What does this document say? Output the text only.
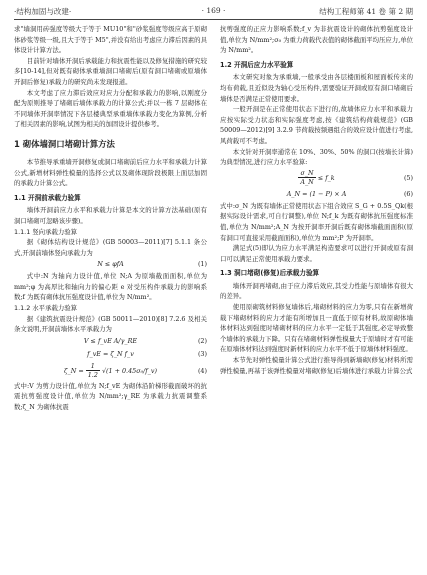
·结构加固与改建·	· 169 ·	结构工程师第 41 卷 第 2 期

求"墙洞用砖强度等级大于等于 MU10"和"砂浆强度等级应高于原砌体砂浆等级一级,且大于等于 M5",并没有给出考虑应力滞后因素的具体设计计算方法。

目前针对墙体开洞后承载能力和抗震性能以及修复措施的研究较多[10-14],但对既有砌体承重墙洞口堵砌后(原有洞口堵砌或原墙体开洞后修复)承载力的研究尚未发现报道。

本文考虑了应力滞后效应对应力分配和承载力的影响,以刚度分配为原则推导了堵砌后墙体承载力的计算公式;并以一栋 7 层砌体在不同墙体开洞率情况下各层楼典型承重墙体承载力变化为算例,分析了相关因素的影响,试图为相关的加固设计提供参考。

1 砌体墙洞口堵砌计算方法

本节推导承重墙开洞修复或洞口堵砌前后应力水平和承载力计算公式,新增材料弹性模量的选择公式以及砌体现阶段极限上面层加固的承载力计算公式。

1.1 开洞前承载力验算

墙体开洞前应力水平和承载力计算是本文的计算方法基础(原有洞口堵砌可忽略该步骤)。

1.1.1 竖向承载力验算

据《砌体结构设计规范》(GB 50003—2011)[7] 5.1.1 条公式,开洞前墙体竖向承载力为

N ≤ φfA	(1)

式中:N 为轴向力设计值,单位 N;A 为原墙截面面积,单位为 mm²;φ 为高厚比和轴向力的偏心距 e 对受压构件承载力的影响系数;f 为既有砌体抗压强度设计值,单位为 N/mm²。

1.1.2 水平承载力验算

据《建筑抗震设计规范》(GB 50011—2010)[8] 7.2.6 及相关条文说明,开洞前墙体水平承载力为

V ≤ f_vE A/γ_RE	(2)
f_vE = ζ_N f_v	(3)
ζ_N = $\frac{1}{1.2} √(1$ + 0.45σ₀/f_v)	(4)

式中:V 为剪力设计值,单位为 N;f_vE 为砌体沿阶梯形截面破坏的抗震抗剪强度设计值,单位为 N/mm²;γ_RE 为承载力抗震调整系数;ζ_N 为砌体抗震

抗剪强度的正应力影响系数;f_v 为非抗震设计的砌体抗剪强度设计值,单位为 N/mm²;σ₀ 为重力荷载代表值的砌体截面平均压应力,单位为 N/mm²。

1.2 开洞后应力水平验算

本文研究对象为承重墙,一般承受由各层楼面板和屋面板传来的均布荷载,且近似设为轴心受压构件,需要验证开洞或原有洞口堵砌后墙体是否满足正常使用要求。

一般开洞是在正常使用状态下进行的,故墙体应力水平和承载力应按实际受力状态和实际强度考虑,按《建筑结构荷载规范》(GB 50009—2012)[9] 3.2.9 节荷载按频遇组合的效应设计值进行考虑,风荷载可不考虑。

本文针对开洞率通常在 10%、30%、50% 的洞口(按墙长计算)为典型情况,进行应力水平验算:

$\frac{\sigma\_N}{A\_N}$ ≤ f_k	(5)
A_N = (1 − P) × A	(6)

式中:σ_N 为既有墙体正常使用状态下组合效应 S_G + 0.5S_Qk(根据实际设计需求,可自行调整),单位 N;f_k 为既有砌体抗压强度标准值,单位为 N/mm²;A_N 为按开洞率开洞后既有砌体墙截面面积(原有洞口可直接采用截面面积),单位为 mm²;P 为开洞率。

满足式(5)即认为应力水平满足构造要求可以进行开洞或原有洞口可以满足正常使用承载力要求。

1.3 洞口堵砌(修复)后承载力验算

墙体开洞再堵砌,由于应力滞后效应,其受力性能与原墙体有很大的差异。

使用原砌筑材料修复墙体后,堵砌材料的应力为零,只有在新增荷载下堵砌材料的应力才能有所增加且一直低于原有材料,故原砌体墙体材料达到强度时堵砌材料的应力水平一定低于其强度,必定导致整个墙体的承载力下降。只有在堵砌材料弹性模量大于原墙时才有可能在原墙体材料达到强度时新材料的应力水平不低于原墙体材料强度。

本节先对弹性模量计算公式进行推导得到新墙砌(修复)材料所需弹性模量,再基于该弹性模量对堵砌(修复)后墙体进行承载力计算公式
